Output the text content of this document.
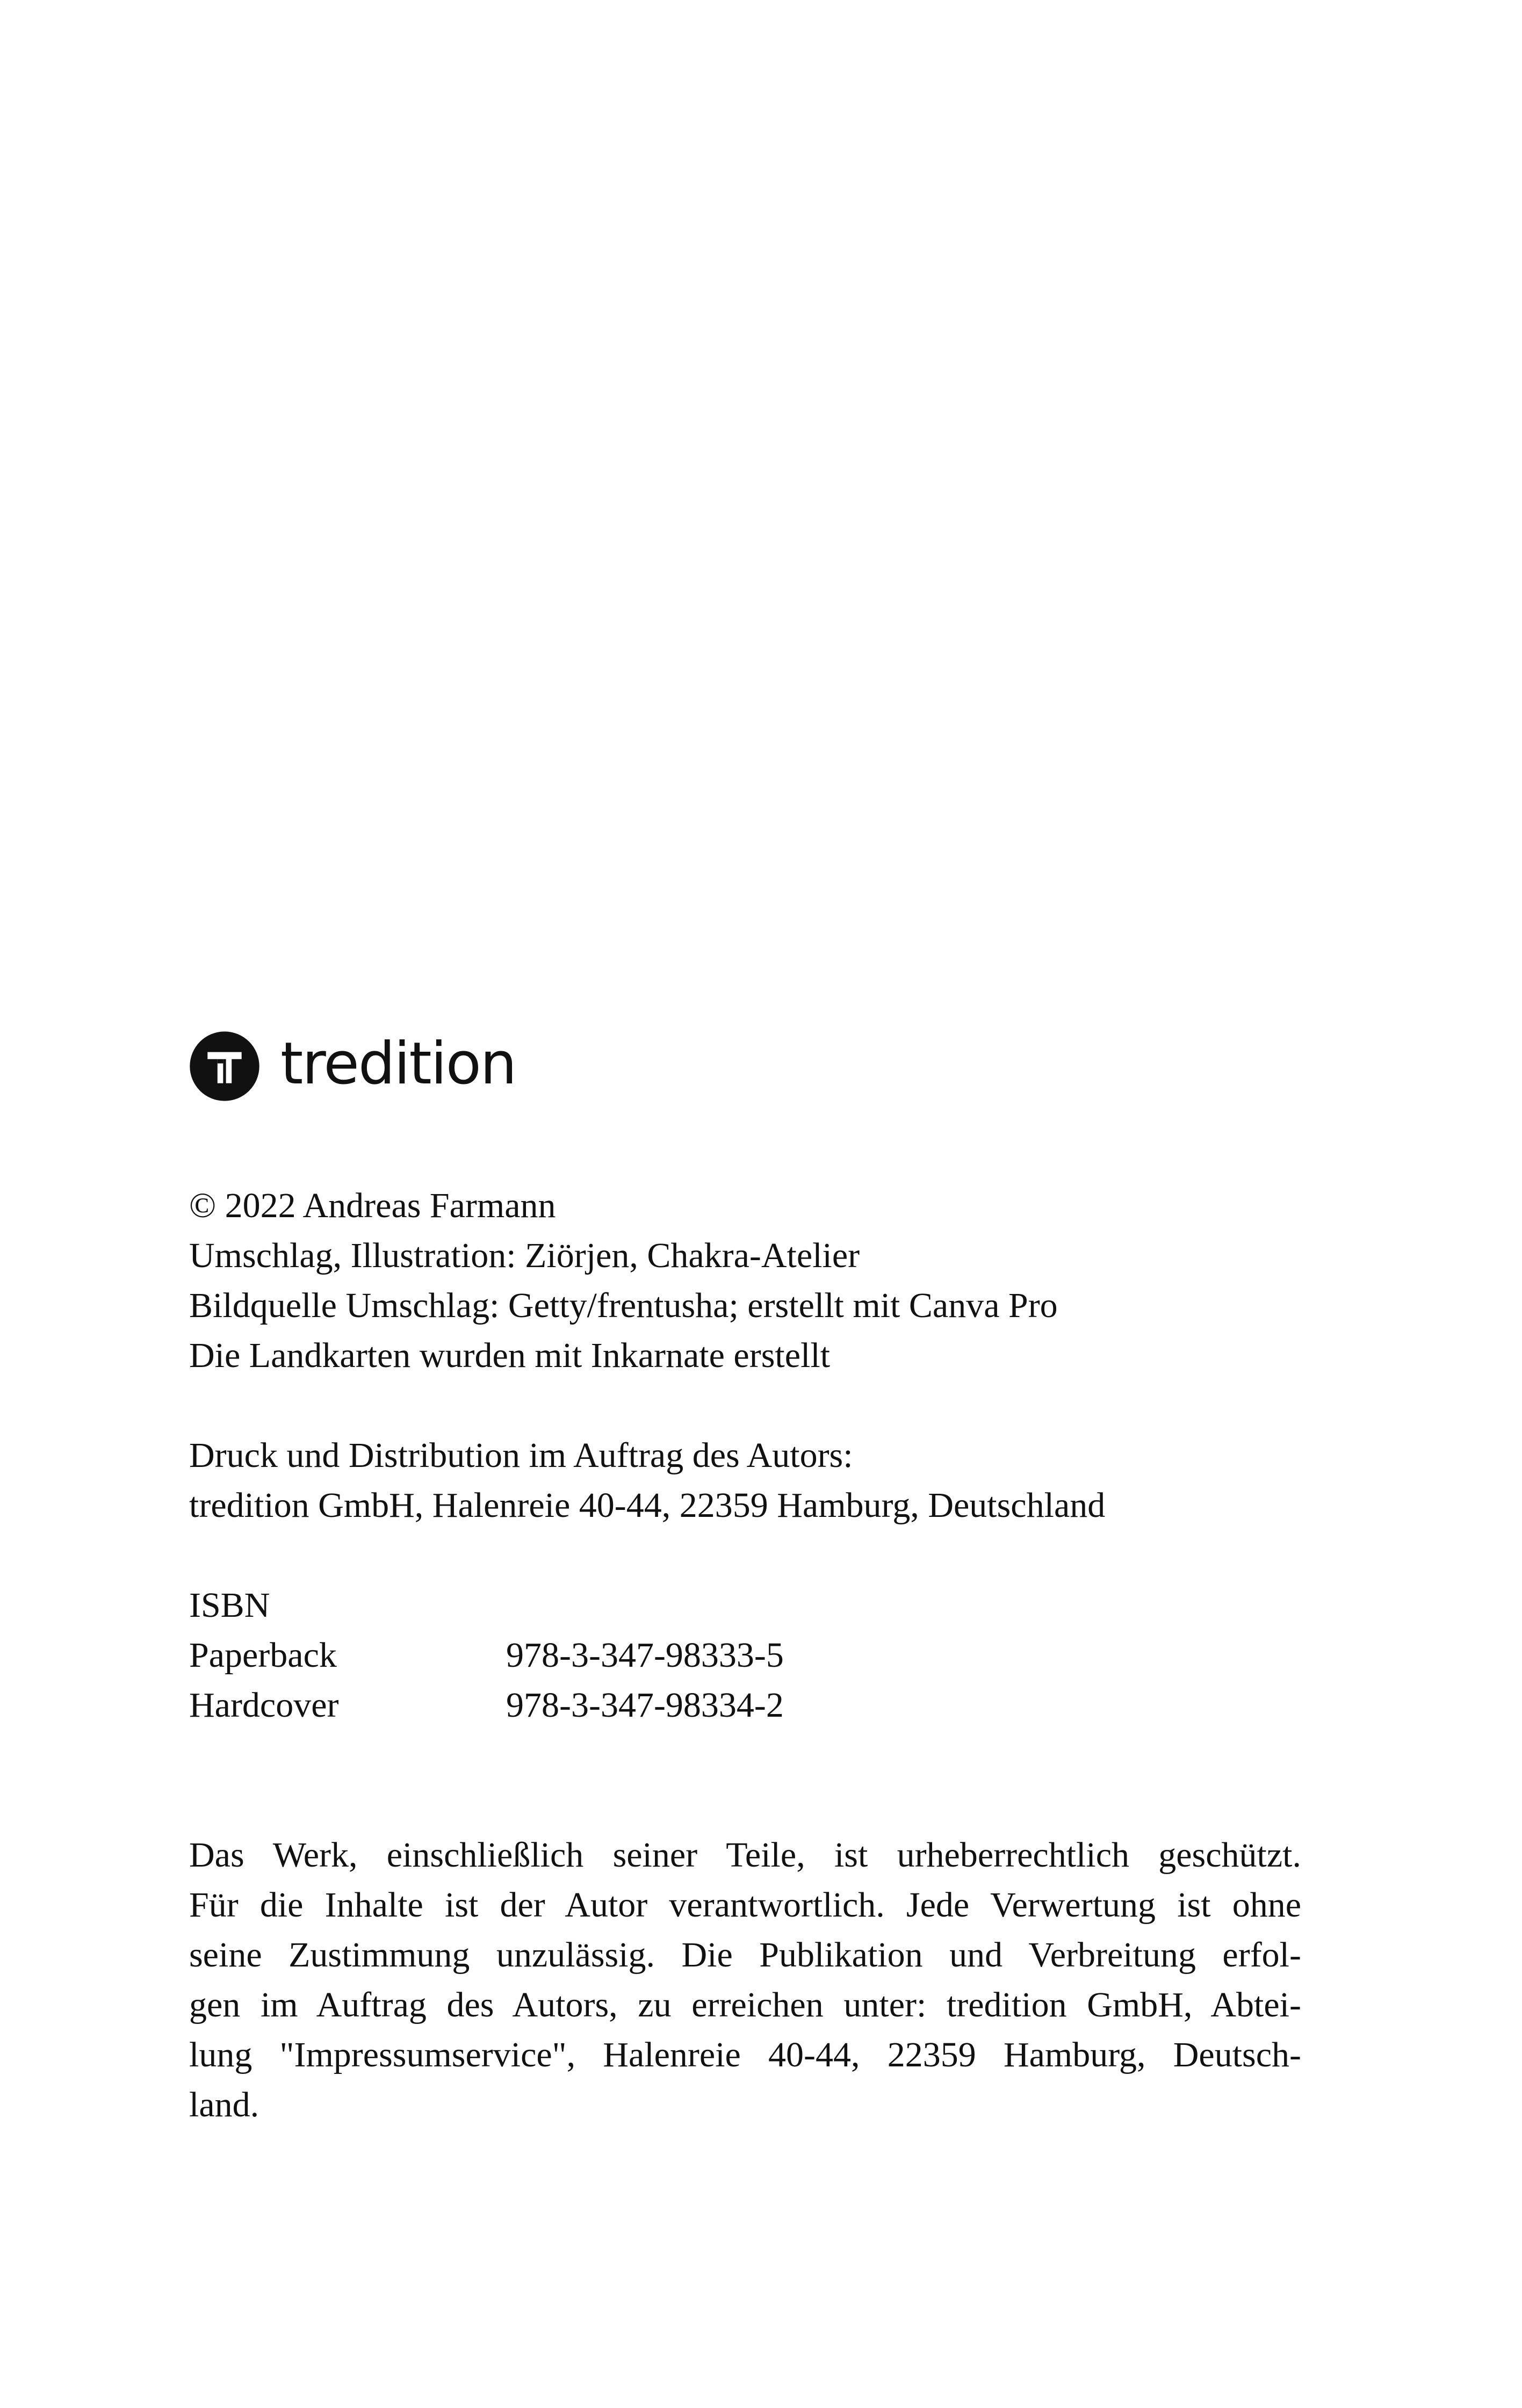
tredition
© 2022 Andreas Farmann
Umschlag, Illustration: Ziörjen, Chakra-Atelier
Bildquelle Umschlag: Getty/frentusha; erstellt mit Canva Pro
Die Landkarten wurden mit Inkarnate erstellt
Druck und Distribution im Auftrag des Autors:
tredition GmbH, Halenreie 40-44, 22359 Hamburg, Deutschland
ISBN
Paperback	978-3-347-98333-5
Hardcover	978-3-347-98334-2
Das Werk, einschließlich seiner Teile, ist urheberrechtlich geschützt.
Für die Inhalte ist der Autor verantwortlich. Jede Verwertung ist ohne
seine Zustimmung unzulässig. Die Publikation und Verbreitung erfol-
gen im Auftrag des Autors, zu erreichen unter: tredition GmbH, Abtei-
lung "Impressumservice", Halenreie 40-44, 22359 Hamburg, Deutsch-
land.
